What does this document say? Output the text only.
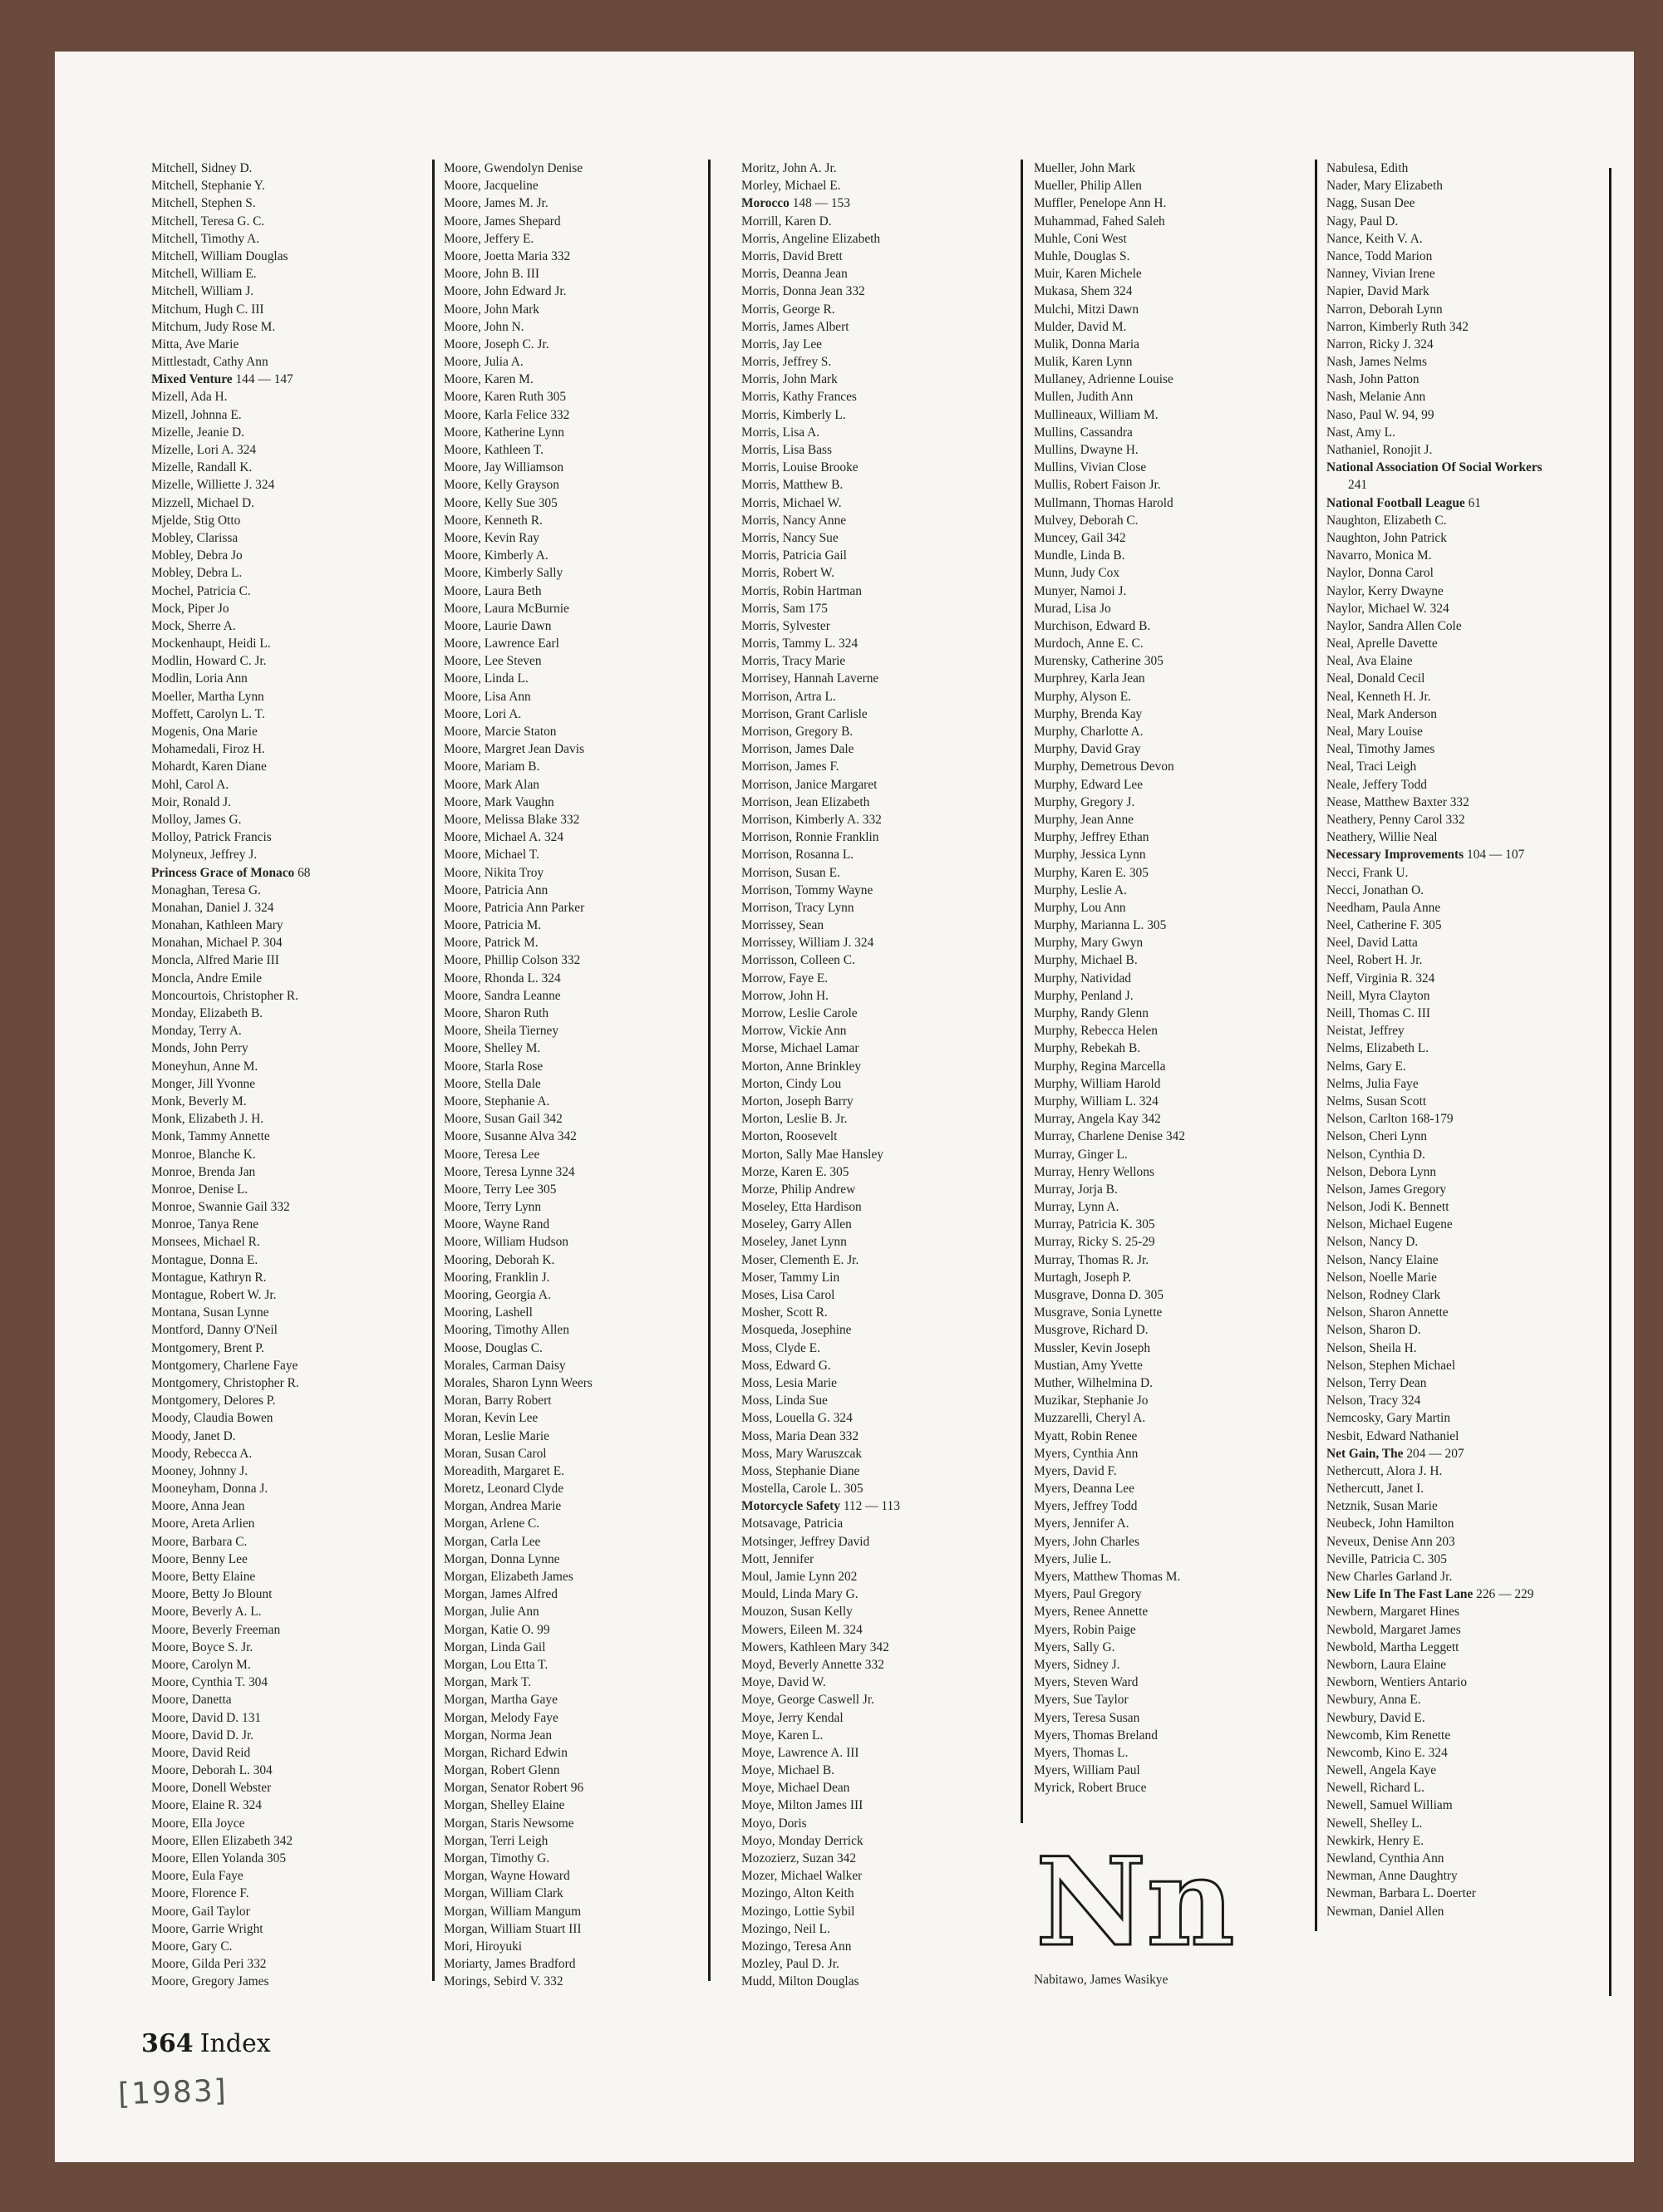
Mitchell, Sidney D.
Mitchell, Stephanie Y.
Mitchell, Stephen S.
Mitchell, Teresa G. C.
Mitchell, Timothy A.
Mitchell, William Douglas
Mitchell, William E.
Mitchell, William J.
Mitchum, Hugh C. III
Mitchum, Judy Rose M.
Mitta, Ave Marie
Mittlestadt, Cathy Ann
Mixed Venture 144 — 147
Mizell, Ada H.
Mizell, Johnna E.
Mizelle, Jeanie D.
Mizelle, Lori A. 324
Mizelle, Randall K.
Mizelle, Williette J. 324
Mizzell, Michael D.
Mjelde, Stig Otto
Mobley, Clarissa
Mobley, Debra Jo
Mobley, Debra L.
Mochel, Patricia C.
Mock, Piper Jo
Mock, Sherre A.
Mockenhaupt, Heidi L.
Modlin, Howard C. Jr.
Modlin, Loria Ann
Moeller, Martha Lynn
Moffett, Carolyn L. T.
Mogenis, Ona Marie
Mohamedali, Firoz H.
Mohardt, Karen Diane
Mohl, Carol A.
Moir, Ronald J.
Molloy, James G.
Molloy, Patrick Francis
Molyneux, Jeffrey J.
Princess Grace of Monaco 68
Monaghan, Teresa G.
Monahan, Daniel J. 324
Monahan, Kathleen Mary
Monahan, Michael P. 304
Moncla, Alfred Marie III
Moncla, Andre Emile
Moncourtois, Christopher R.
Monday, Elizabeth B.
Monday, Terry A.
Monds, John Perry
Moneyhun, Anne M.
Monger, Jill Yvonne
Monk, Beverly M.
Monk, Elizabeth J. H.
Monk, Tammy Annette
Monroe, Blanche K.
Monroe, Brenda Jan
Monroe, Denise L.
Monroe, Swannie Gail 332
Monroe, Tanya Rene
Monsees, Michael R.
Montague, Donna E.
Montague, Kathryn R.
Montague, Robert W. Jr.
Montana, Susan Lynne
Montford, Danny O'Neil
Montgomery, Brent P.
Montgomery, Charlene Faye
Montgomery, Christopher R.
Montgomery, Delores P.
Moody, Claudia Bowen
Moody, Janet D.
Moody, Rebecca A.
Mooney, Johnny J.
Mooneyham, Donna J.
Moore, Anna Jean
Moore, Areta Arlien
Moore, Barbara C.
Moore, Benny Lee
Moore, Betty Elaine
Moore, Betty Jo Blount
Moore, Beverly A. L.
Moore, Beverly Freeman
Moore, Boyce S. Jr.
Moore, Carolyn M.
Moore, Cynthia T. 304
Moore, Danetta
Moore, David D. 131
Moore, David D. Jr.
Moore, David Reid
Moore, Deborah L. 304
Moore, Donell Webster
Moore, Elaine R. 324
Moore, Ella Joyce
Moore, Ellen Elizabeth 342
Moore, Ellen Yolanda 305
Moore, Eula Faye
Moore, Florence F.
Moore, Gail Taylor
Moore, Garrie Wright
Moore, Gary C.
Moore, Gilda Peri 332
Moore, Gregory James
Moore, Gwendolyn Denise
Moore, Jacqueline
Moore, James M. Jr.
Moore, James Shepard
Moore, Jeffery E.
Moore, Joetta Maria 332
Moore, John B. III
Moore, John Edward Jr.
Moore, John Mark
Moore, John N.
Moore, Joseph C. Jr.
Moore, Julia A.
Moore, Karen M.
Moore, Karen Ruth 305
Moore, Karla Felice 332
Moore, Katherine Lynn
Moore, Kathleen T.
Moore, Jay Williamson
Moore, Kelly Grayson
Moore, Kelly Sue 305
Moore, Kenneth R.
Moore, Kevin Ray
Moore, Kimberly A.
Moore, Kimberly Sally
Moore, Laura Beth
Moore, Laura McBurnie
Moore, Laurie Dawn
Moore, Lawrence Earl
Moore, Lee Steven
Moore, Linda L.
Moore, Lisa Ann
Moore, Lori A.
Moore, Marcie Staton
Moore, Margret Jean Davis
Moore, Mariam B.
Moore, Mark Alan
Moore, Mark Vaughn
Moore, Melissa Blake 332
Moore, Michael A. 324
Moore, Michael T.
Moore, Nikita Troy
Moore, Patricia Ann
Moore, Patricia Ann Parker
Moore, Patricia M.
Moore, Patrick M.
Moore, Phillip Colson 332
Moore, Rhonda L. 324
Moore, Sandra Leanne
Moore, Sharon Ruth
Moore, Sheila Tierney
Moore, Shelley M.
Moore, Starla Rose
Moore, Stella Dale
Moore, Stephanie A.
Moore, Susan Gail 342
Moore, Susanne Alva 342
Moore, Teresa Lee
Moore, Teresa Lynne 324
Moore, Terry Lee 305
Moore, Terry Lynn
Moore, Wayne Rand
Moore, William Hudson
Mooring, Deborah K.
Mooring, Franklin J.
Mooring, Georgia A.
Mooring, Lashell
Mooring, Timothy Allen
Moose, Douglas C.
Morales, Carman Daisy
Morales, Sharon Lynn Weers
Moran, Barry Robert
Moran, Kevin Lee
Moran, Leslie Marie
Moran, Susan Carol
Moreadith, Margaret E.
Moretz, Leonard Clyde
Morgan, Andrea Marie
Morgan, Arlene C.
Morgan, Carla Lee
Morgan, Donna Lynne
Morgan, Elizabeth James
Morgan, James Alfred
Morgan, Julie Ann
Morgan, Katie O. 99
Morgan, Linda Gail
Morgan, Lou Etta T.
Morgan, Mark T.
Morgan, Martha Gaye
Morgan, Melody Faye
Morgan, Norma Jean
Morgan, Richard Edwin
Morgan, Robert Glenn
Morgan, Senator Robert 96
Morgan, Shelley Elaine
Morgan, Staris Newsome
Morgan, Terri Leigh
Morgan, Timothy G.
Morgan, Wayne Howard
Morgan, William Clark
Morgan, William Mangum
Morgan, William Stuart III
Mori, Hiroyuki
Moriarty, James Bradford
Morings, Sebird V. 332
Moritz, John A. Jr.
Morley, Michael E.
Morocco 148 — 153
Morrill, Karen D.
Morris, Angeline Elizabeth
Morris, David Brett
Morris, Deanna Jean
Morris, Donna Jean 332
Morris, George R.
Morris, James Albert
Morris, Jay Lee
Morris, Jeffrey S.
Morris, John Mark
Morris, Kathy Frances
Morris, Kimberly L.
Morris, Lisa A.
Morris, Lisa Bass
Morris, Louise Brooke
Morris, Matthew B.
Morris, Michael W.
Morris, Nancy Anne
Morris, Nancy Sue
Morris, Patricia Gail
Morris, Robert W.
Morris, Robin Hartman
Morris, Sam 175
Morris, Sylvester
Morris, Tammy L. 324
Morris, Tracy Marie
Morrisey, Hannah Laverne
Morrison, Artra L.
Morrison, Grant Carlisle
Morrison, Gregory B.
Morrison, James Dale
Morrison, James F.
Morrison, Janice Margaret
Morrison, Jean Elizabeth
Morrison, Kimberly A. 332
Morrison, Ronnie Franklin
Morrison, Rosanna L.
Morrison, Susan E.
Morrison, Tommy Wayne
Morrison, Tracy Lynn
Morrissey, Sean
Morrissey, William J. 324
Morrisson, Colleen C.
Morrow, Faye E.
Morrow, John H.
Morrow, Leslie Carole
Morrow, Vickie Ann
Morse, Michael Lamar
Morton, Anne Brinkley
Morton, Cindy Lou
Morton, Joseph Barry
Morton, Leslie B. Jr.
Morton, Roosevelt
Morton, Sally Mae Hansley
Morze, Karen E. 305
Morze, Philip Andrew
Moseley, Etta Hardison
Moseley, Garry Allen
Moseley, Janet Lynn
Moser, Clementh E. Jr.
Moser, Tammy Lin
Moses, Lisa Carol
Mosher, Scott R.
Mosqueda, Josephine
Moss, Clyde E.
Moss, Edward G.
Moss, Lesia Marie
Moss, Linda Sue
Moss, Louella G. 324
Moss, Maria Dean 332
Moss, Mary Waruszcak
Moss, Stephanie Diane
Mostella, Carole L. 305
Motorcycle Safety 112 — 113
Motsavage, Patricia
Motsinger, Jeffrey David
Mott, Jennifer
Moul, Jamie Lynn 202
Mould, Linda Mary G.
Mouzon, Susan Kelly
Mowers, Eileen M. 324
Mowers, Kathleen Mary 342
Moyd, Beverly Annette 332
Moye, David W.
Moye, George Caswell Jr.
Moye, Jerry Kendal
Moye, Karen L.
Moye, Lawrence A. III
Moye, Michael B.
Moye, Michael Dean
Moye, Milton James III
Moyo, Doris
Moyo, Monday Derrick
Mozozierz, Suzan 342
Mozer, Michael Walker
Mozingo, Alton Keith
Mozingo, Lottie Sybil
Mozingo, Neil L.
Mozingo, Teresa Ann
Mozley, Paul D. Jr.
Mudd, Milton Douglas
Mueller, John Mark
Mueller, Philip Allen
Muffler, Penelope Ann H.
Muhammad, Fahed Saleh
Muhle, Coni West
Muhle, Douglas S.
Muir, Karen Michele
Mukasa, Shem 324
Mulchi, Mitzi Dawn
Mulder, David M.
Mulik, Donna Maria
Mulik, Karen Lynn
Mullaney, Adrienne Louise
Mullen, Judith Ann
Mullineaux, William M.
Mullins, Cassandra
Mullins, Dwayne H.
Mullins, Vivian Close
Mullis, Robert Faison Jr.
Mullmann, Thomas Harold
Mulvey, Deborah C.
Muncey, Gail 342
Mundle, Linda B.
Munn, Judy Cox
Munyer, Namoi J.
Murad, Lisa Jo
Murchison, Edward B.
Murdoch, Anne E. C.
Murensky, Catherine 305
Murphrey, Karla Jean
Murphy, Alyson E.
Murphy, Brenda Kay
Murphy, Charlotte A.
Murphy, David Gray
Murphy, Demetrous Devon
Murphy, Edward Lee
Murphy, Gregory J.
Murphy, Jean Anne
Murphy, Jeffrey Ethan
Murphy, Jessica Lynn
Murphy, Karen E. 305
Murphy, Leslie A.
Murphy, Lou Ann
Murphy, Marianna L. 305
Murphy, Mary Gwyn
Murphy, Michael B.
Murphy, Natividad
Murphy, Penland J.
Murphy, Randy Glenn
Murphy, Rebecca Helen
Murphy, Rebekah B.
Murphy, Regina Marcella
Murphy, William Harold
Murphy, William L. 324
Murray, Angela Kay 342
Murray, Charlene Denise 342
Murray, Ginger L.
Murray, Henry Wellons
Murray, Jorja B.
Murray, Lynn A.
Murray, Patricia K. 305
Murray, Ricky S. 25-29
Murray, Thomas R. Jr.
Murtagh, Joseph P.
Musgrave, Donna D. 305
Musgrave, Sonia Lynette
Musgrove, Richard D.
Mussler, Kevin Joseph
Mustian, Amy Yvette
Muther, Wilhelmina D.
Muzikar, Stephanie Jo
Muzzarelli, Cheryl A.
Myatt, Robin Renee
Myers, Cynthia Ann
Myers, David F.
Myers, Deanna Lee
Myers, Jeffrey Todd
Myers, Jennifer A.
Myers, John Charles
Myers, Julie L.
Myers, Matthew Thomas M.
Myers, Paul Gregory
Myers, Renee Annette
Myers, Robin Paige
Myers, Sally G.
Myers, Sidney J.
Myers, Steven Ward
Myers, Sue Taylor
Myers, Teresa Susan
Myers, Thomas Breland
Myers, Thomas L.
Myers, William Paul
Myrick, Robert Bruce
Nn
Nabitawo, James Wasikye
Nabulesa, Edith
Nader, Mary Elizabeth
Nagg, Susan Dee
Nagy, Paul D.
Nance, Keith V. A.
Nance, Todd Marion
Nanney, Vivian Irene
Napier, David Mark
Narron, Deborah Lynn
Narron, Kimberly Ruth 342
Narron, Ricky J. 324
Nash, James Nelms
Nash, John Patton
Nash, Melanie Ann
Naso, Paul W. 94, 99
Nast, Amy L.
Nathaniel, Ronojit J.
National Association Of Social Workers
241
National Football League 61
Naughton, Elizabeth C.
Naughton, John Patrick
Navarro, Monica M.
Naylor, Donna Carol
Naylor, Kerry Dwayne
Naylor, Michael W. 324
Naylor, Sandra Allen Cole
Neal, Aprelle Davette
Neal, Ava Elaine
Neal, Donald Cecil
Neal, Kenneth H. Jr.
Neal, Mark Anderson
Neal, Mary Louise
Neal, Timothy James
Neal, Traci Leigh
Neale, Jeffery Todd
Nease, Matthew Baxter 332
Neathery, Penny Carol 332
Neathery, Willie Neal
Necessary Improvements 104 — 107
Necci, Frank U.
Necci, Jonathan O.
Needham, Paula Anne
Neel, Catherine F. 305
Neel, David Latta
Neel, Robert H. Jr.
Neff, Virginia R. 324
Neill, Myra Clayton
Neill, Thomas C. III
Neistat, Jeffrey
Nelms, Elizabeth L.
Nelms, Gary E.
Nelms, Julia Faye
Nelms, Susan Scott
Nelson, Carlton 168-179
Nelson, Cheri Lynn
Nelson, Cynthia D.
Nelson, Debora Lynn
Nelson, James Gregory
Nelson, Jodi K. Bennett
Nelson, Michael Eugene
Nelson, Nancy D.
Nelson, Nancy Elaine
Nelson, Noelle Marie
Nelson, Rodney Clark
Nelson, Sharon Annette
Nelson, Sharon D.
Nelson, Sheila H.
Nelson, Stephen Michael
Nelson, Terry Dean
Nelson, Tracy 324
Nemcosky, Gary Martin
Nesbit, Edward Nathaniel
Net Gain, The 204 — 207
Nethercutt, Alora J. H.
Nethercutt, Janet I.
Netznik, Susan Marie
Neubeck, John Hamilton
Neveux, Denise Ann 203
Neville, Patricia C. 305
New Charles Garland Jr.
New Life In The Fast Lane 226 — 229
Newbern, Margaret Hines
Newbold, Margaret James
Newbold, Martha Leggett
Newborn, Laura Elaine
Newborn, Wentiers Antario
Newbury, Anna E.
Newbury, David E.
Newcomb, Kim Renette
Newcomb, Kino E. 324
Newell, Angela Kaye
Newell, Richard L.
Newell, Samuel William
Newell, Shelley L.
Newkirk, Henry E.
Newland, Cynthia Ann
Newman, Anne Daughtry
Newman, Barbara L. Doerter
Newman, Daniel Allen
364 Index
[1983]
